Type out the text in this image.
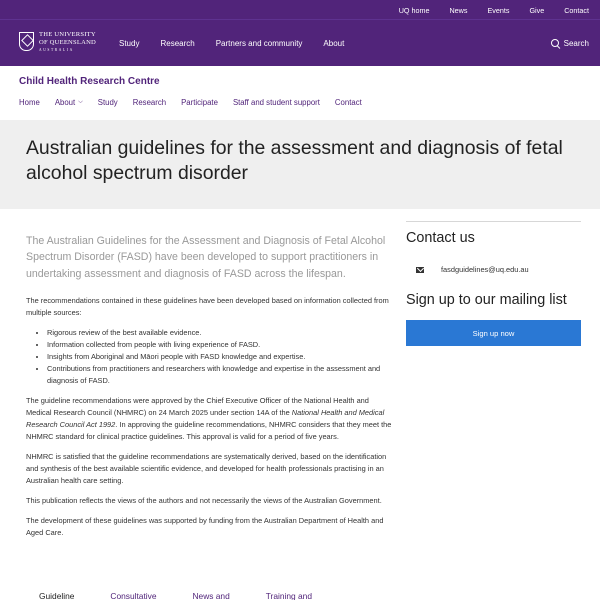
UQ home	News	Events	Give	Contact
THE UNIVERSITY
OF QUEENSLAND
AUSTRALIA
Study	Research	Partners and community	About	Search
Child Health Research Centre
Home About ⌵ Study Research Participate Staff and student support Contact
Australian guidelines for the assessment and diagnosis of fetal alcohol spectrum disorder
The Australian Guidelines for the Assessment and Diagnosis of Fetal Alcohol Spectrum Disorder (FASD) have been developed to support practitioners in undertaking assessment and diagnosis of FASD across the lifespan.

The recommendations contained in these guidelines have been developed based on information collected from multiple sources:

• Rigorous review of the best available evidence.
• Information collected from people with living experience of FASD.
• Insights from Aboriginal and Māori people with FASD knowledge and expertise.
• Contributions from practitioners and researchers with knowledge and expertise in the assessment and diagnosis of FASD.

The guideline recommendations were approved by the Chief Executive Officer of the National Health and Medical Research Council (NHMRC) on 24 March 2025 under section 14A of the National Health and Medical Research Council Act 1992. In approving the guideline recommendations, NHMRC considers that they meet the NHMRC standard for clinical practice guidelines. This approval is valid for a period of five years.

NHMRC is satisfied that the guideline recommendations are systematically derived, based on the identification and synthesis of the best available scientific evidence, and developed for health professionals practising in an Australian health care setting.

This publication reflects the views of the authors and not necessarily the views of the Australian Government.

The development of these guidelines was supported by funding from the Australian Department of Health and Aged Care.

Contact us
fasdguidelines@uq.edu.au
Sign up to our mailing list
Sign up now
Guideline	Consultative	News and	Training and
